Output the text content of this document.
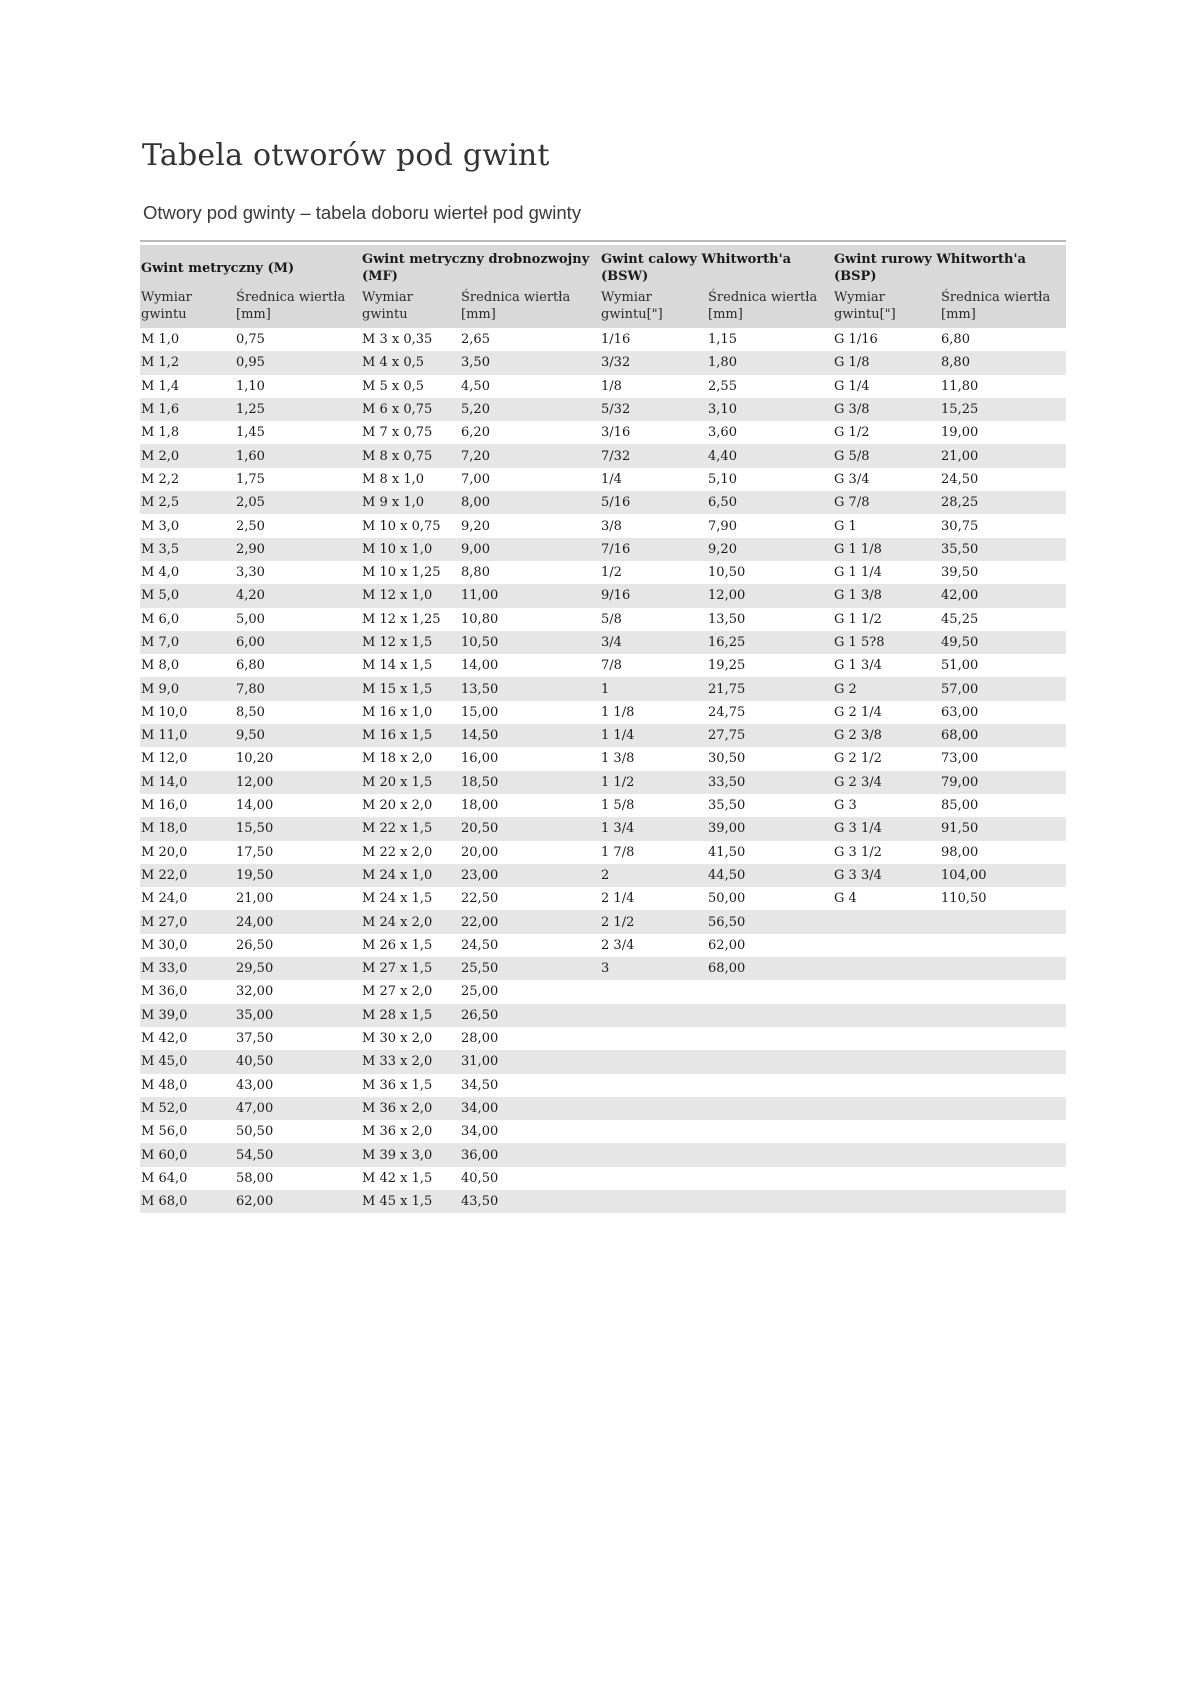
Tabela otworów pod gwint

Otwory pod gwinty – tabela doboru wierteł pod gwinty

Gwint metryczny (M)		Gwint metryczny drobnozwojny (MF)		Gwint calowy Whitworth'a (BSW)		Gwint rurowy Whitworth'a (BSP)	
Wymiar gwintu	Średnica wiertła [mm]	Wymiar gwintu	Średnica wiertła [mm]	Wymiar gwintu["]	Średnica wiertła [mm]	Wymiar gwintu["]	Średnica wiertła [mm]
M 1,0	0,75	M 3 x 0,35	2,65	1/16	1,15	G 1/16	6,80
M 1,2	0,95	M 4 x 0,5	3,50	3/32	1,80	G 1/8	8,80
M 1,4	1,10	M 5 x 0,5	4,50	1/8	2,55	G 1/4	11,80
M 1,6	1,25	M 6 x 0,75	5,20	5/32	3,10	G 3/8	15,25
M 1,8	1,45	M 7 x 0,75	6,20	3/16	3,60	G 1/2	19,00
M 2,0	1,60	M 8 x 0,75	7,20	7/32	4,40	G 5/8	21,00
M 2,2	1,75	M 8 x 1,0	7,00	1/4	5,10	G 3/4	24,50
M 2,5	2,05	M 9 x 1,0	8,00	5/16	6,50	G 7/8	28,25
M 3,0	2,50	M 10 x 0,75	9,20	3/8	7,90	G 1	30,75
M 3,5	2,90	M 10 x 1,0	9,00	7/16	9,20	G 1 1/8	35,50
M 4,0	3,30	M 10 x 1,25	8,80	1/2	10,50	G 1 1/4	39,50
M 5,0	4,20	M 12 x 1,0	11,00	9/16	12,00	G 1 3/8	42,00
M 6,0	5,00	M 12 x 1,25	10,80	5/8	13,50	G 1 1/2	45,25
M 7,0	6,00	M 12 x 1,5	10,50	3/4	16,25	G 1 5?8	49,50
M 8,0	6,80	M 14 x 1,5	14,00	7/8	19,25	G 1 3/4	51,00
M 9,0	7,80	M 15 x 1,5	13,50	1	21,75	G 2	57,00
M 10,0	8,50	M 16 x 1,0	15,00	1 1/8	24,75	G 2 1/4	63,00
M 11,0	9,50	M 16 x 1,5	14,50	1 1/4	27,75	G 2 3/8	68,00
M 12,0	10,20	M 18 x 2,0	16,00	1 3/8	30,50	G 2 1/2	73,00
M 14,0	12,00	M 20 x 1,5	18,50	1 1/2	33,50	G 2 3/4	79,00
M 16,0	14,00	M 20 x 2,0	18,00	1 5/8	35,50	G 3	85,00
M 18,0	15,50	M 22 x 1,5	20,50	1 3/4	39,00	G 3 1/4	91,50
M 20,0	17,50	M 22 x 2,0	20,00	1 7/8	41,50	G 3 1/2	98,00
M 22,0	19,50	M 24 x 1,0	23,00	2	44,50	G 3 3/4	104,00
M 24,0	21,00	M 24 x 1,5	22,50	2 1/4	50,00	G 4	110,50
M 27,0	24,00	M 24 x 2,0	22,00	2 1/2	56,50		
M 30,0	26,50	M 26 x 1,5	24,50	2 3/4	62,00		
M 33,0	29,50	M 27 x 1,5	25,50	3	68,00		
M 36,0	32,00	M 27 x 2,0	25,00				
M 39,0	35,00	M 28 x 1,5	26,50				
M 42,0	37,50	M 30 x 2,0	28,00				
M 45,0	40,50	M 33 x 2,0	31,00				
M 48,0	43,00	M 36 x 1,5	34,50				
M 52,0	47,00	M 36 x 2,0	34,00				
M 56,0	50,50	M 36 x 2,0	34,00				
M 60,0	54,50	M 39 x 3,0	36,00				
M 64,0	58,00	M 42 x 1,5	40,50				
M 68,0	62,00	M 45 x 1,5	43,50				
